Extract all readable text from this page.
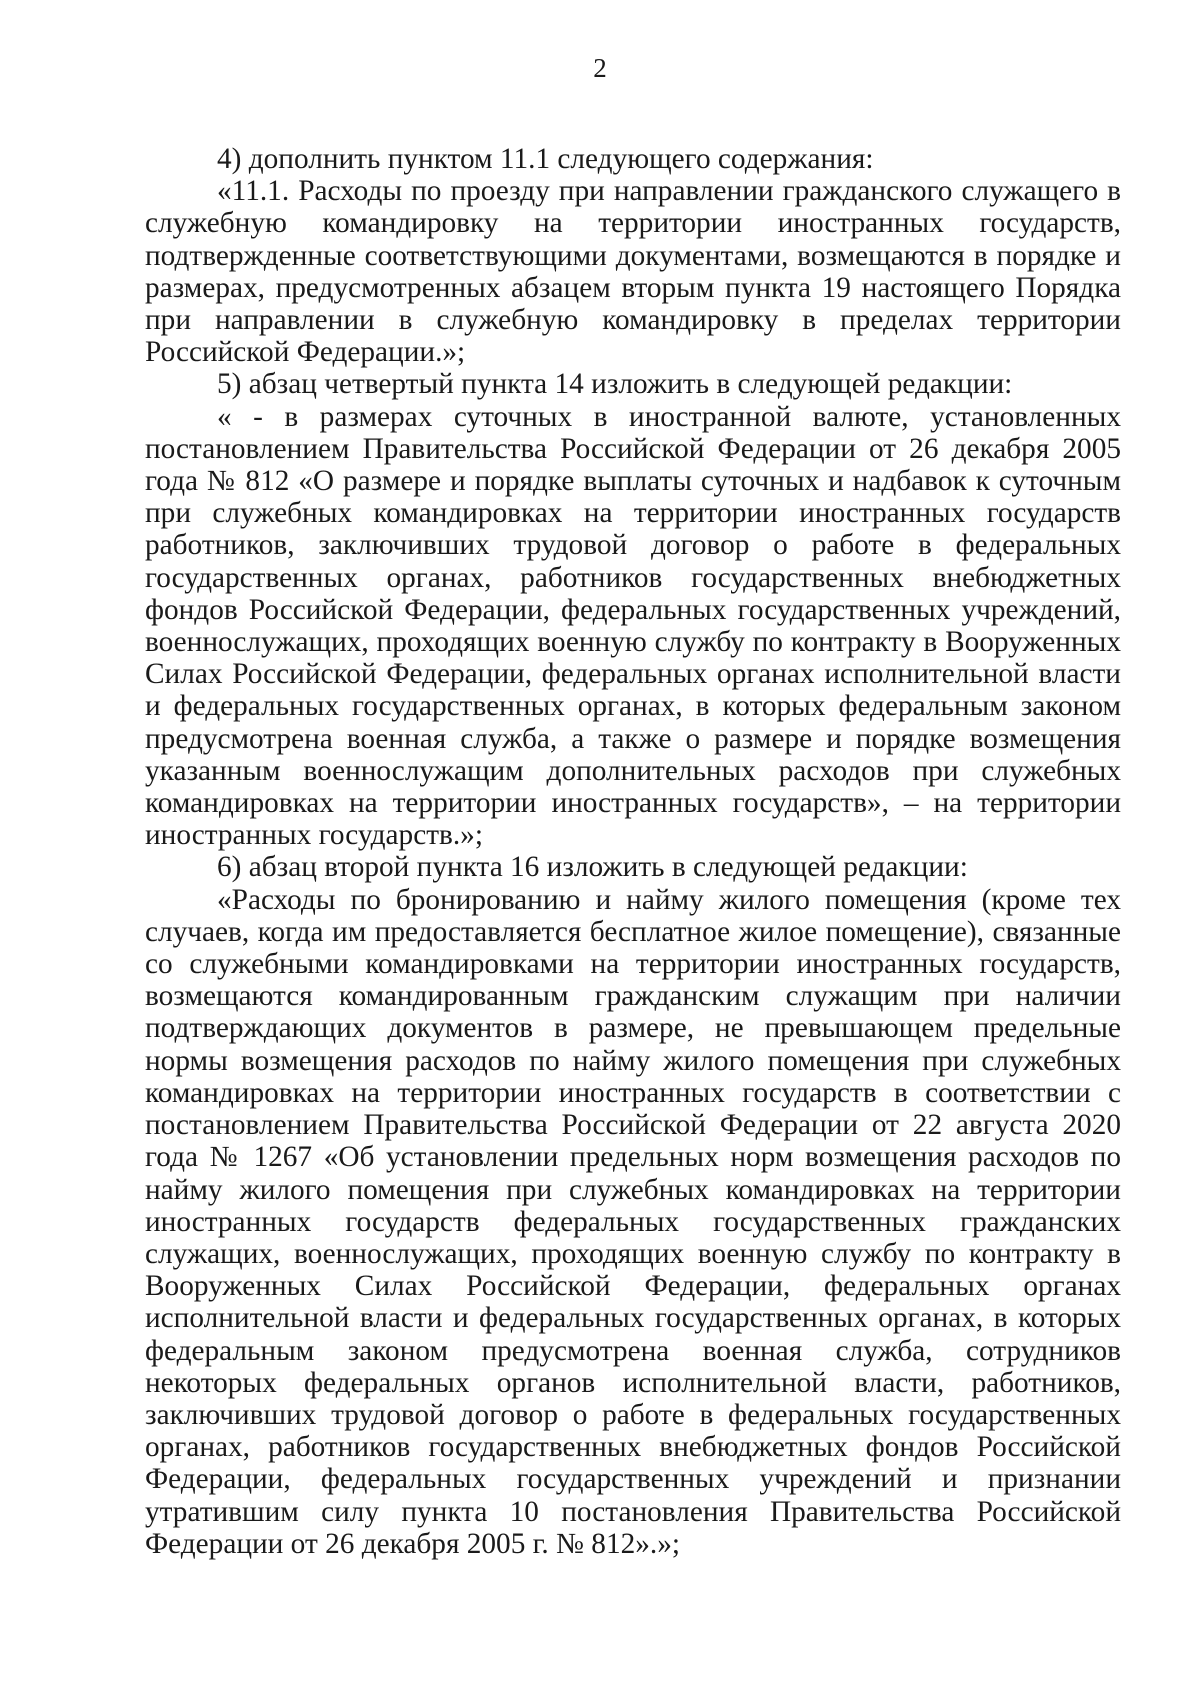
2

4) дополнить пунктом 11.1 следующего содержания:

«11.1. Расходы по проезду при направлении гражданского служащего в служебную командировку на территории иностранных государств, подтвержденные соответствующими документами, возмещаются в порядке и размерах, предусмотренных абзацем вторым пункта 19 настоящего Порядка при направлении в служебную командировку в пределах территории Российской Федерации.»;

5) абзац четвертый пункта 14 изложить в следующей редакции:

« - в размерах суточных в иностранной валюте, установленных постановлением Правительства Российской Федерации от 26 декабря 2005 года № 812 «О размере и порядке выплаты суточных и надбавок к суточным при служебных командировках на территории иностранных государств работников, заключивших трудовой договор о работе в федеральных государственных органах, работников государственных внебюджетных фондов Российской Федерации, федеральных государственных учреждений, военнослужащих, проходящих военную службу по контракту в Вооруженных Силах Российской Федерации, федеральных органах исполнительной власти и федеральных государственных органах, в которых федеральным законом предусмотрена военная служба, а также о размере и порядке возмещения указанным военнослужащим дополнительных расходов при служебных командировках на территории иностранных государств», – на территории иностранных государств.»;

6) абзац второй пункта 16 изложить в следующей редакции:

«Расходы по бронированию и найму жилого помещения (кроме тех случаев, когда им предоставляется бесплатное жилое помещение), связанные со служебными командировками на территории иностранных государств, возмещаются командированным гражданским служащим при наличии подтверждающих документов в размере, не превышающем предельные нормы возмещения расходов по найму жилого помещения при служебных командировках на территории иностранных государств в соответствии с постановлением Правительства Российской Федерации от 22 августа 2020 года № 1267 «Об установлении предельных норм возмещения расходов по найму жилого помещения при служебных командировках на территории иностранных государств федеральных государственных гражданских служащих, военнослужащих, проходящих военную службу по контракту в Вооруженных Силах Российской Федерации, федеральных органах исполнительной власти и федеральных государственных органах, в которых федеральным законом предусмотрена военная служба, сотрудников некоторых федеральных органов исполнительной власти, работников, заключивших трудовой договор о работе в федеральных государственных органах, работников государственных внебюджетных фондов Российской Федерации, федеральных государственных учреждений и признании утратившим силу пункта 10 постановления Правительства Российской Федерации от 26 декабря 2005 г. № 812».»;
